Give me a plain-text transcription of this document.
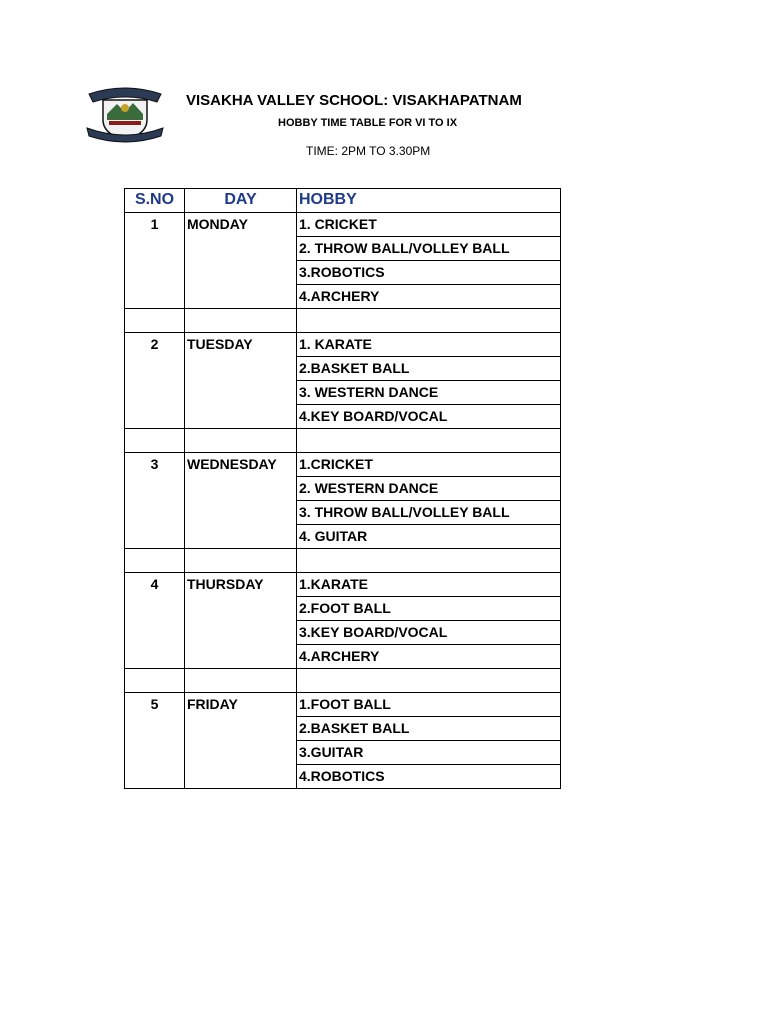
VISAKHA VALLEY SCHOOL: VISAKHAPATNAM
HOBBY TIME TABLE FOR VI TO IX
TIME: 2PM TO 3.30PM
S.NO	DAY	HOBBY
1	MONDAY	1. CRICKET
		2. THROW BALL/VOLLEY BALL
		3.ROBOTICS
		4.ARCHERY

2	TUESDAY	1. KARATE
		2.BASKET BALL
		3. WESTERN DANCE
		4.KEY BOARD/VOCAL

3	WEDNESDAY	1.CRICKET
		2. WESTERN DANCE
		3. THROW BALL/VOLLEY BALL
		4. GUITAR

4	THURSDAY	1.KARATE
		2.FOOT BALL
		3.KEY BOARD/VOCAL
		4.ARCHERY

5	FRIDAY	1.FOOT BALL
		2.BASKET BALL
		3.GUITAR
		4.ROBOTICS
